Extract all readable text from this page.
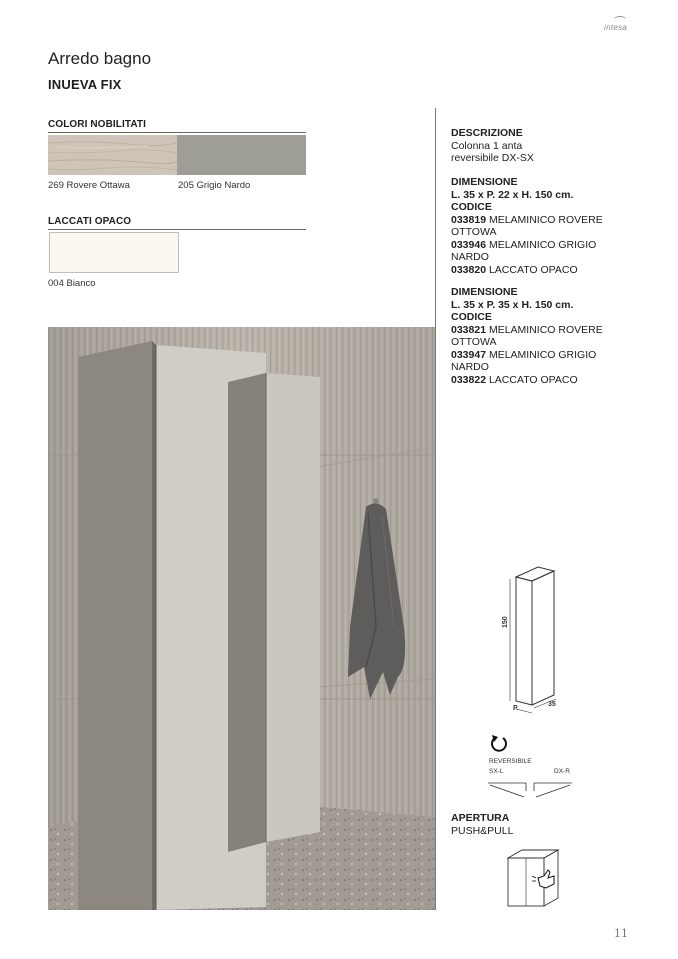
intesa
Arredo bagno
INUEVA FIX
COLORI NOBILITATI
269 Rovere Ottawa	205 Grigio Nardo
LACCATI OPACO
004 Bianco
DESCRIZIONE
Colonna 1 anta
reversibile DX-SX
DIMENSIONE
L. 35 x P. 22 x H. 150 cm.
CODICE
033819 MELAMINICO ROVERE
OTTOWA
033946 MELAMINICO GRIGIO
NARDO
033820 LACCATO OPACO
DIMENSIONE
L. 35 x P. 35 x H. 150 cm.
CODICE
033821 MELAMINICO ROVERE
OTTOWA
033947 MELAMINICO GRIGIO
NARDO
033822 LACCATO OPACO
150
P.
35
REVERSIBILE
SX-L	DX-R
APERTURA
PUSH&PULL
11
